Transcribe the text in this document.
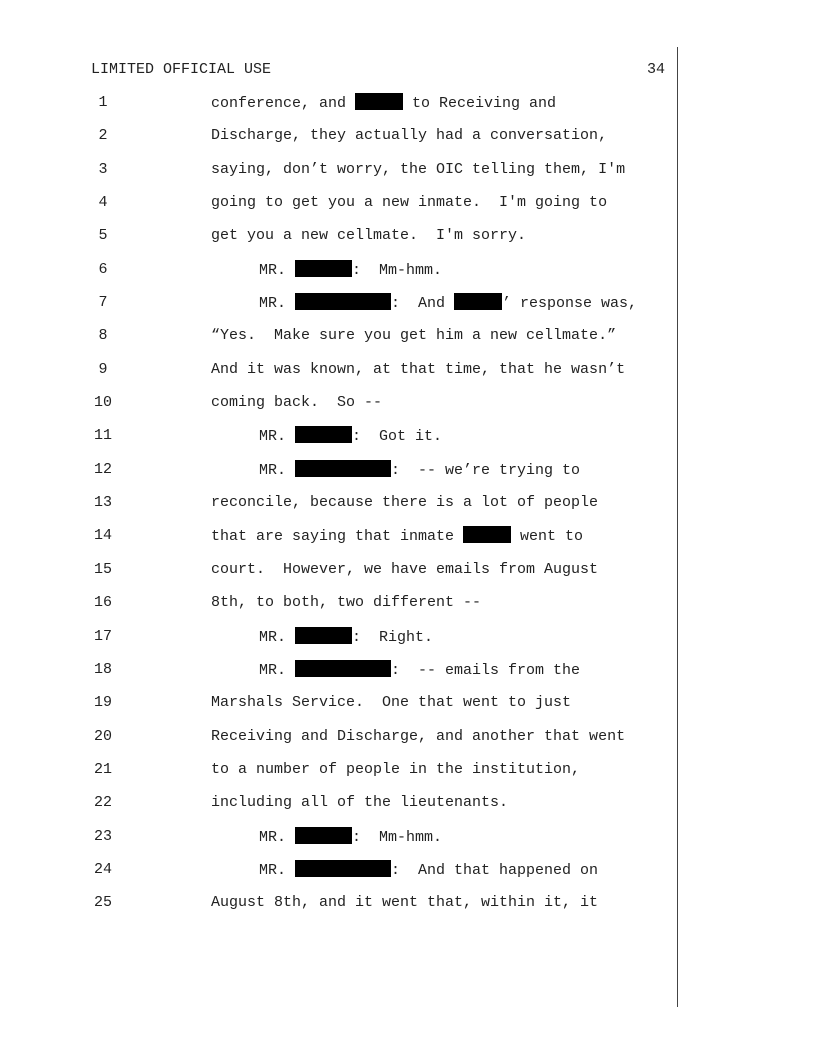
LIMITED OFFICIAL USE	34
1	conference, and	to Receiving and
2	Discharge, they actually had a conversation,
3	saying, don’t worry, the OIC telling them, I'm
4	going to get you a new inmate.  I'm going to
5	get you a new cellmate.  I'm sorry.
6	MR.	:  Mm-hmm.
7	MR.	:  And	’ response was,
8	“Yes.  Make sure you get him a new cellmate.”
9	And it was known, at that time, that he wasn’t
10	coming back.  So --
11	MR.	:  Got it.
12	MR.	:  -- we’re trying to
13	reconcile, because there is a lot of people
14	that are saying that inmate	went to
15	court.  However, we have emails from August
16	8th, to both, two different --
17	MR.	:  Right.
18	MR.	:  -- emails from the
19	Marshals Service.  One that went to just
20	Receiving and Discharge, and another that went
21	to a number of people in the institution,
22	including all of the lieutenants.
23	MR.	:  Mm-hmm.
24	MR.	:  And that happened on
25	August 8th, and it went that, within it, it
